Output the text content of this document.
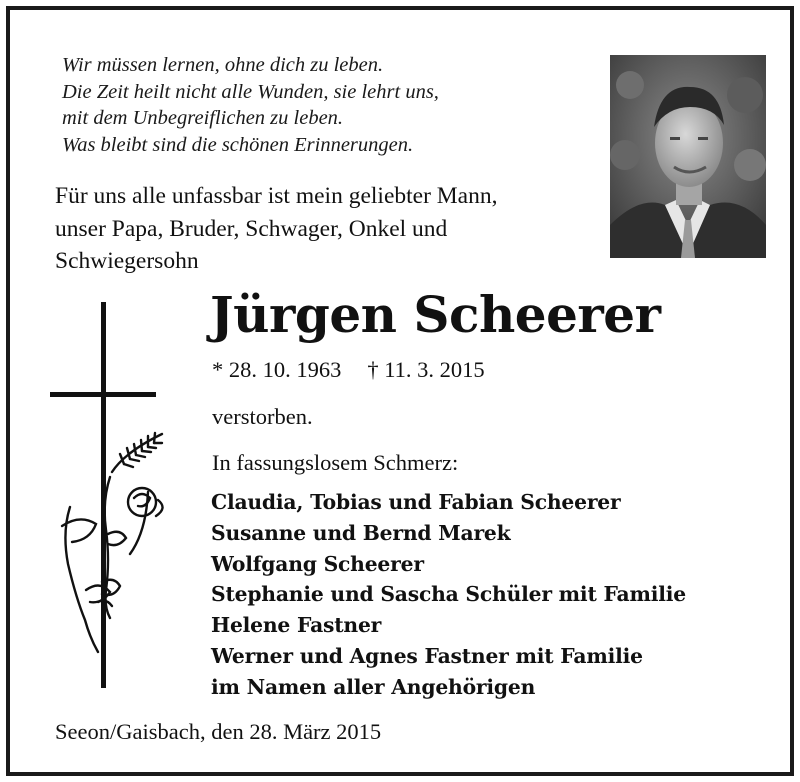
Wir müssen lernen, ohne dich zu leben.
Die Zeit heilt nicht alle Wunden, sie lehrt uns,
mit dem Unbegreiflichen zu leben.
Was bleibt sind die schönen Erinnerungen.
Für uns alle unfassbar ist mein geliebter Mann,
unser Papa, Bruder, Schwager, Onkel und
Schwiegersohn
Jürgen Scheerer
* 28. 10. 1963 † 11. 3. 2015
verstorben.
In fassungslosem Schmerz:
Claudia, Tobias und Fabian Scheerer
Susanne und Bernd Marek
Wolfgang Scheerer
Stephanie und Sascha Schüler mit Familie
Helene Fastner
Werner und Agnes Fastner mit Familie
im Namen aller Angehörigen
Seeon/Gaisbach, den 28. März 2015
